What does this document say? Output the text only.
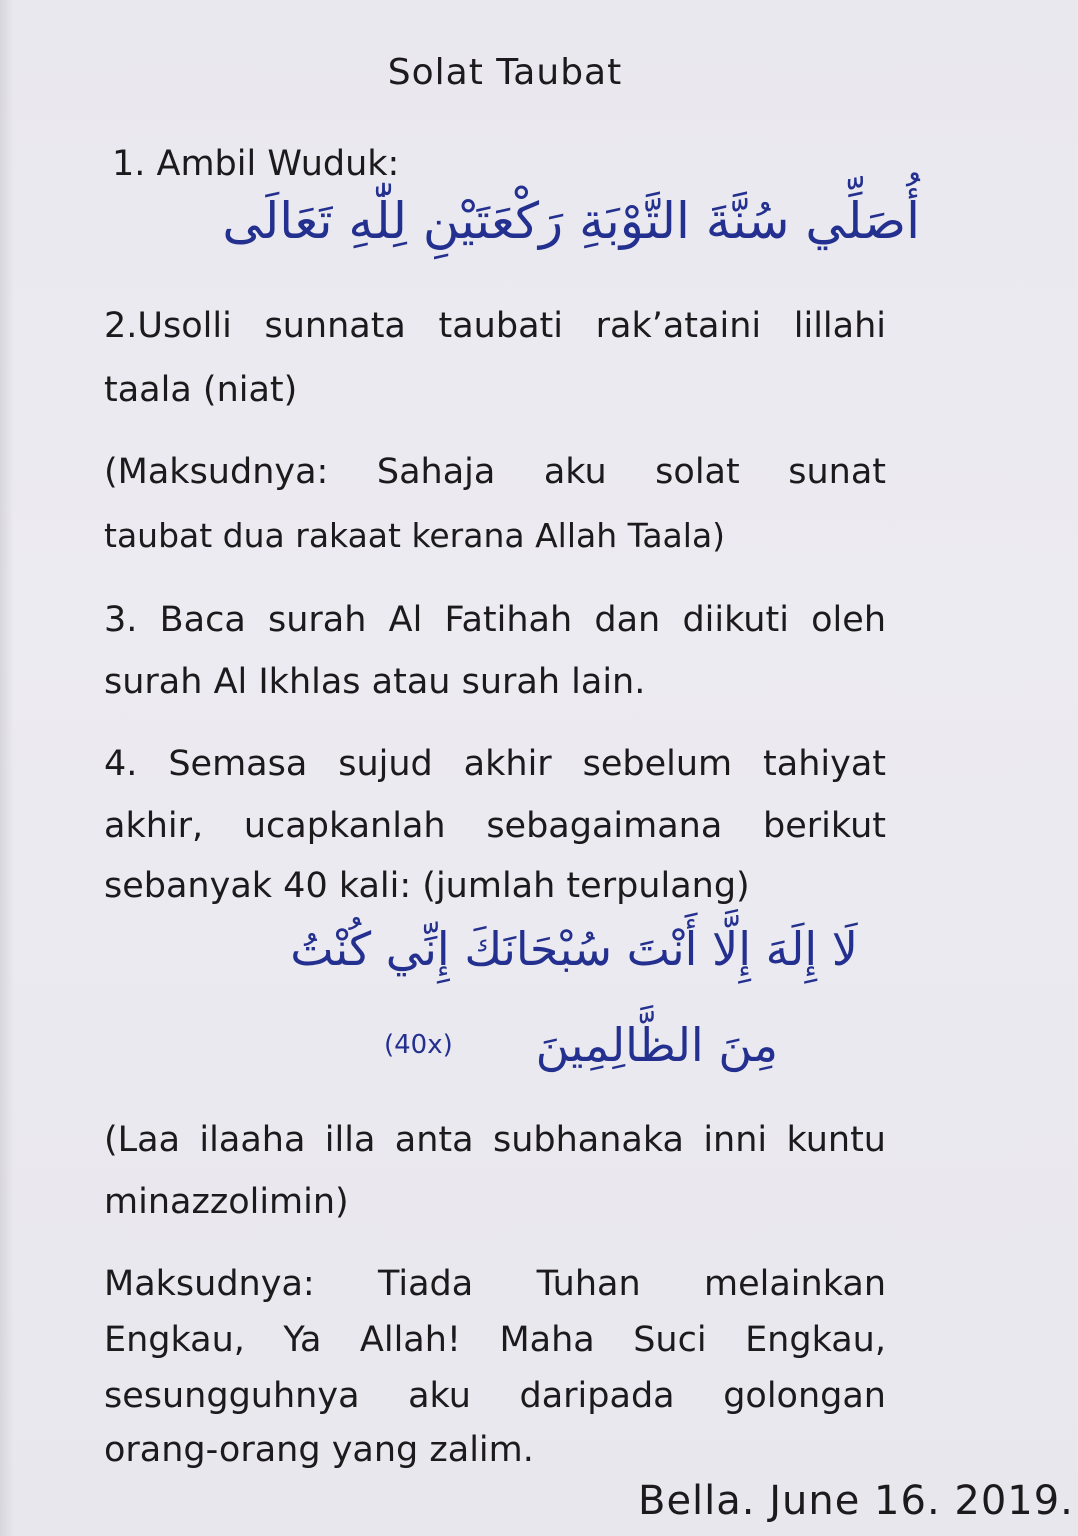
Solat Taubat
1. Ambil Wuduk:
أُصَلِّي سُنَّةَ التَّوْبَةِ رَكْعَتَيْنِ لِلّٰهِ تَعَالَى
2.Usolli sunnata taubati rak’ataini lillahi
taala (niat)
(Maksudnya: Sahaja aku solat sunat
taubat dua rakaat kerana Allah Taala)
3. Baca surah Al Fatihah dan diikuti oleh
surah Al Ikhlas atau surah lain.
4. Semasa sujud akhir sebelum tahiyat
akhir, ucapkanlah sebagaimana berikut
sebanyak 40 kali: (jumlah terpulang)
لَا إِلَهَ إِلَّا أَنْتَ سُبْحَانَكَ إِنِّي كُنْتُ
مِنَ الظَّالِمِينَ
(40x)
(Laa ilaaha illa anta subhanaka inni kuntu
minazzolimin)
Maksudnya: Tiada Tuhan melainkan
Engkau, Ya Allah! Maha Suci Engkau,
sesungguhnya aku daripada golongan
orang-orang yang zalim.
Bella. June 16. 2019.
